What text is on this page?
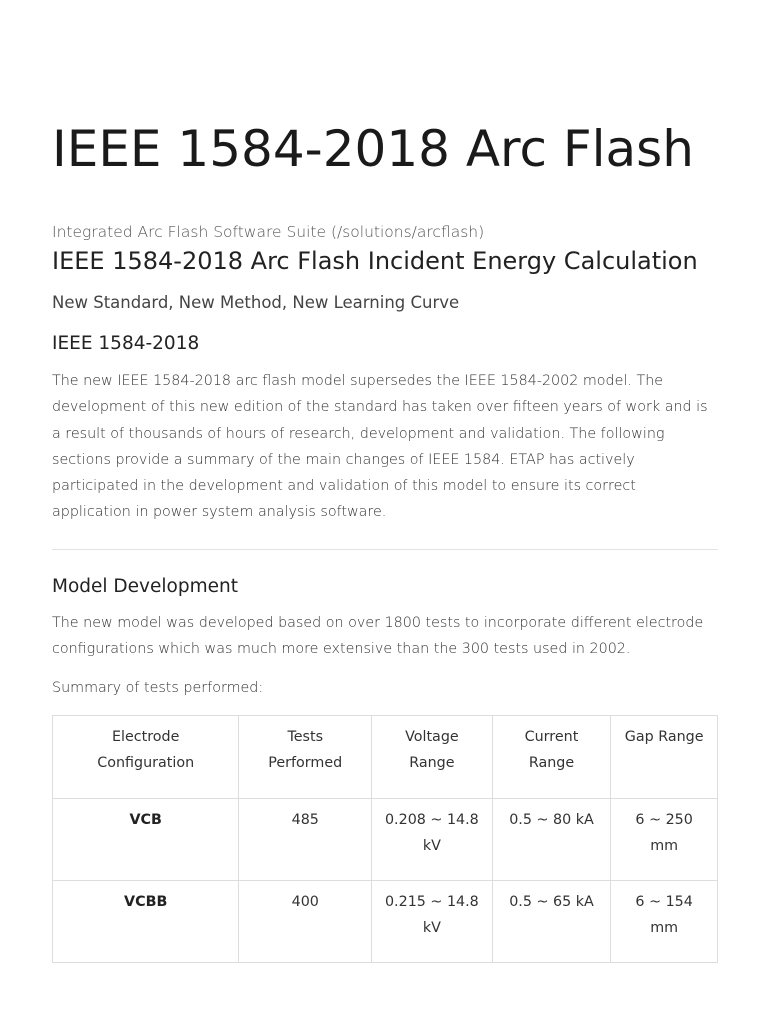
IEEE 1584-2018 Arc Flash
Integrated Arc Flash Software Suite (/solutions/arcflash)
IEEE 1584-2018 Arc Flash Incident Energy Calculation
New Standard, New Method, New Learning Curve
IEEE 1584-2018

The new IEEE 1584-2018 arc flash model supersedes the IEEE 1584-2002 model. The development of this new edition of the standard has taken over fifteen years of work and is a result of thousands of hours of research, development and validation. The following sections provide a summary of the main changes of IEEE 1584. ETAP has actively participated in the development and validation of this model to ensure its correct application in power system analysis software.

Model Development

The new model was developed based on over 1800 tests to incorporate different electrode configurations which was much more extensive than the 300 tests used in 2002.

Summary of tests performed:

Electrode Configuration	Tests Performed	Voltage Range	Current Range	Gap Range
VCB	485	0.208 ~ 14.8 kV	0.5 ~ 80 kA	6 ~ 250 mm
VCBB	400	0.215 ~ 14.8 kV	0.5 ~ 65 kA	6 ~ 154 mm
